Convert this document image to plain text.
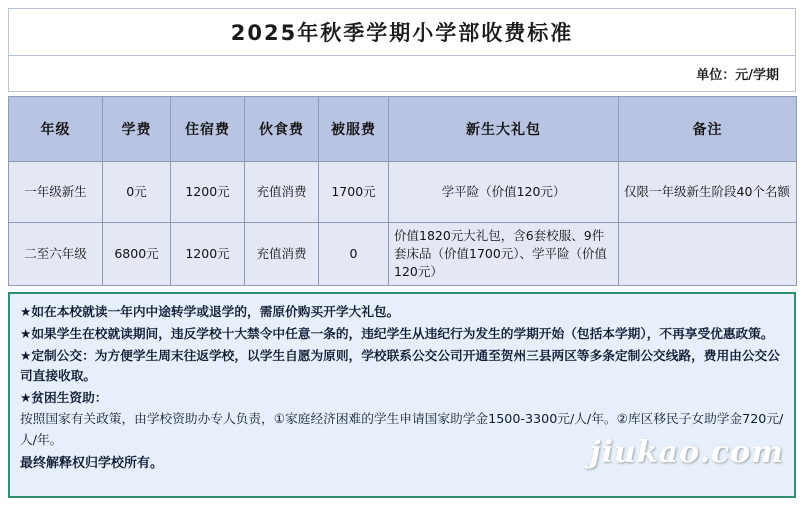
2025年秋季学期小学部收费标准
单位：元/学期
年级	学费	住宿费	伙食费	被服费	新生大礼包	备注
一年级新生	0元	1200元	充值消费	1700元	学平险（价值120元）	仅限一年级新生阶段40个名额
二至六年级	6800元	1200元	充值消费	0	价值1820元大礼包，含6套校服、9件套床品（价值1700元）、学平险（价值120元）	

★如在本校就读一年内中途转学或退学的，需原价购买开学大礼包。

★如果学生在校就读期间，违反学校十大禁令中任意一条的，违纪学生从违纪行为发生的学期开始（包括本学期），不再享受优惠政策。

★定制公交：为方便学生周末往返学校，以学生自愿为原则，学校联系公交公司开通至贺州三县两区等多条定制公交线路，费用由公交公司直接收取。

★贫困生资助：

按照国家有关政策，由学校资助办专人负责，①家庭经济困难的学生申请国家助学金1500-3300元/人/年。②库区移民子女助学金720元/人/年。

最终解释权归学校所有。	jiukao.com
